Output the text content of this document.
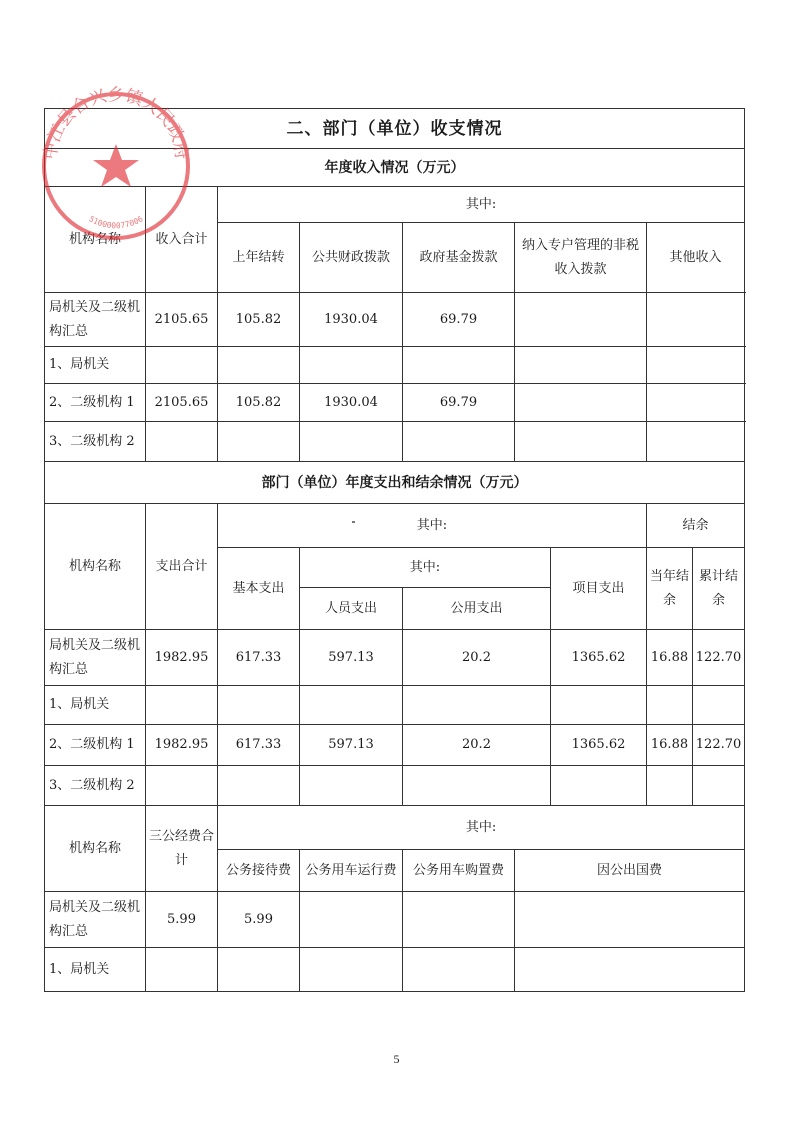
二、部门（单位）收支情况								
年度收入情况（万元）								
机构名称	收入合计	其中:						
		上年结转	公共财政拨款	政府基金拨款	纳入专户管理的非税收入拨款		其他收入	
局机关及二级机构汇总	2105.65	105.82	1930.04	69.79				
1、局机关								
2、二级机构 1	2105.65	105.82	1930.04	69.79				
3、二级机构 2								
部门（单位）年度支出和结余情况（万元）								
机构名称	支出合计	其中:					结余	
		基本支出	其中:			项目支出	当年结余	累计结余
			人员支出	公用支出				
局机关及二级机构汇总	1982.95	617.33	597.13	20.2		1365.62	16.88	122.70
1、局机关								
2、二级机构 1	1982.95	617.33	597.13	20.2		1365.62	16.88	122.70
3、二级机构 2								
机构名称	三公经费合计	其中:						
		公务接待费	公务用车运行费	公务用车购置费	因公出国费			
局机关及二级机构汇总	5.99	5.99						
1、局机关								
中江县合兴乡镇人民政府
510000077006
5
